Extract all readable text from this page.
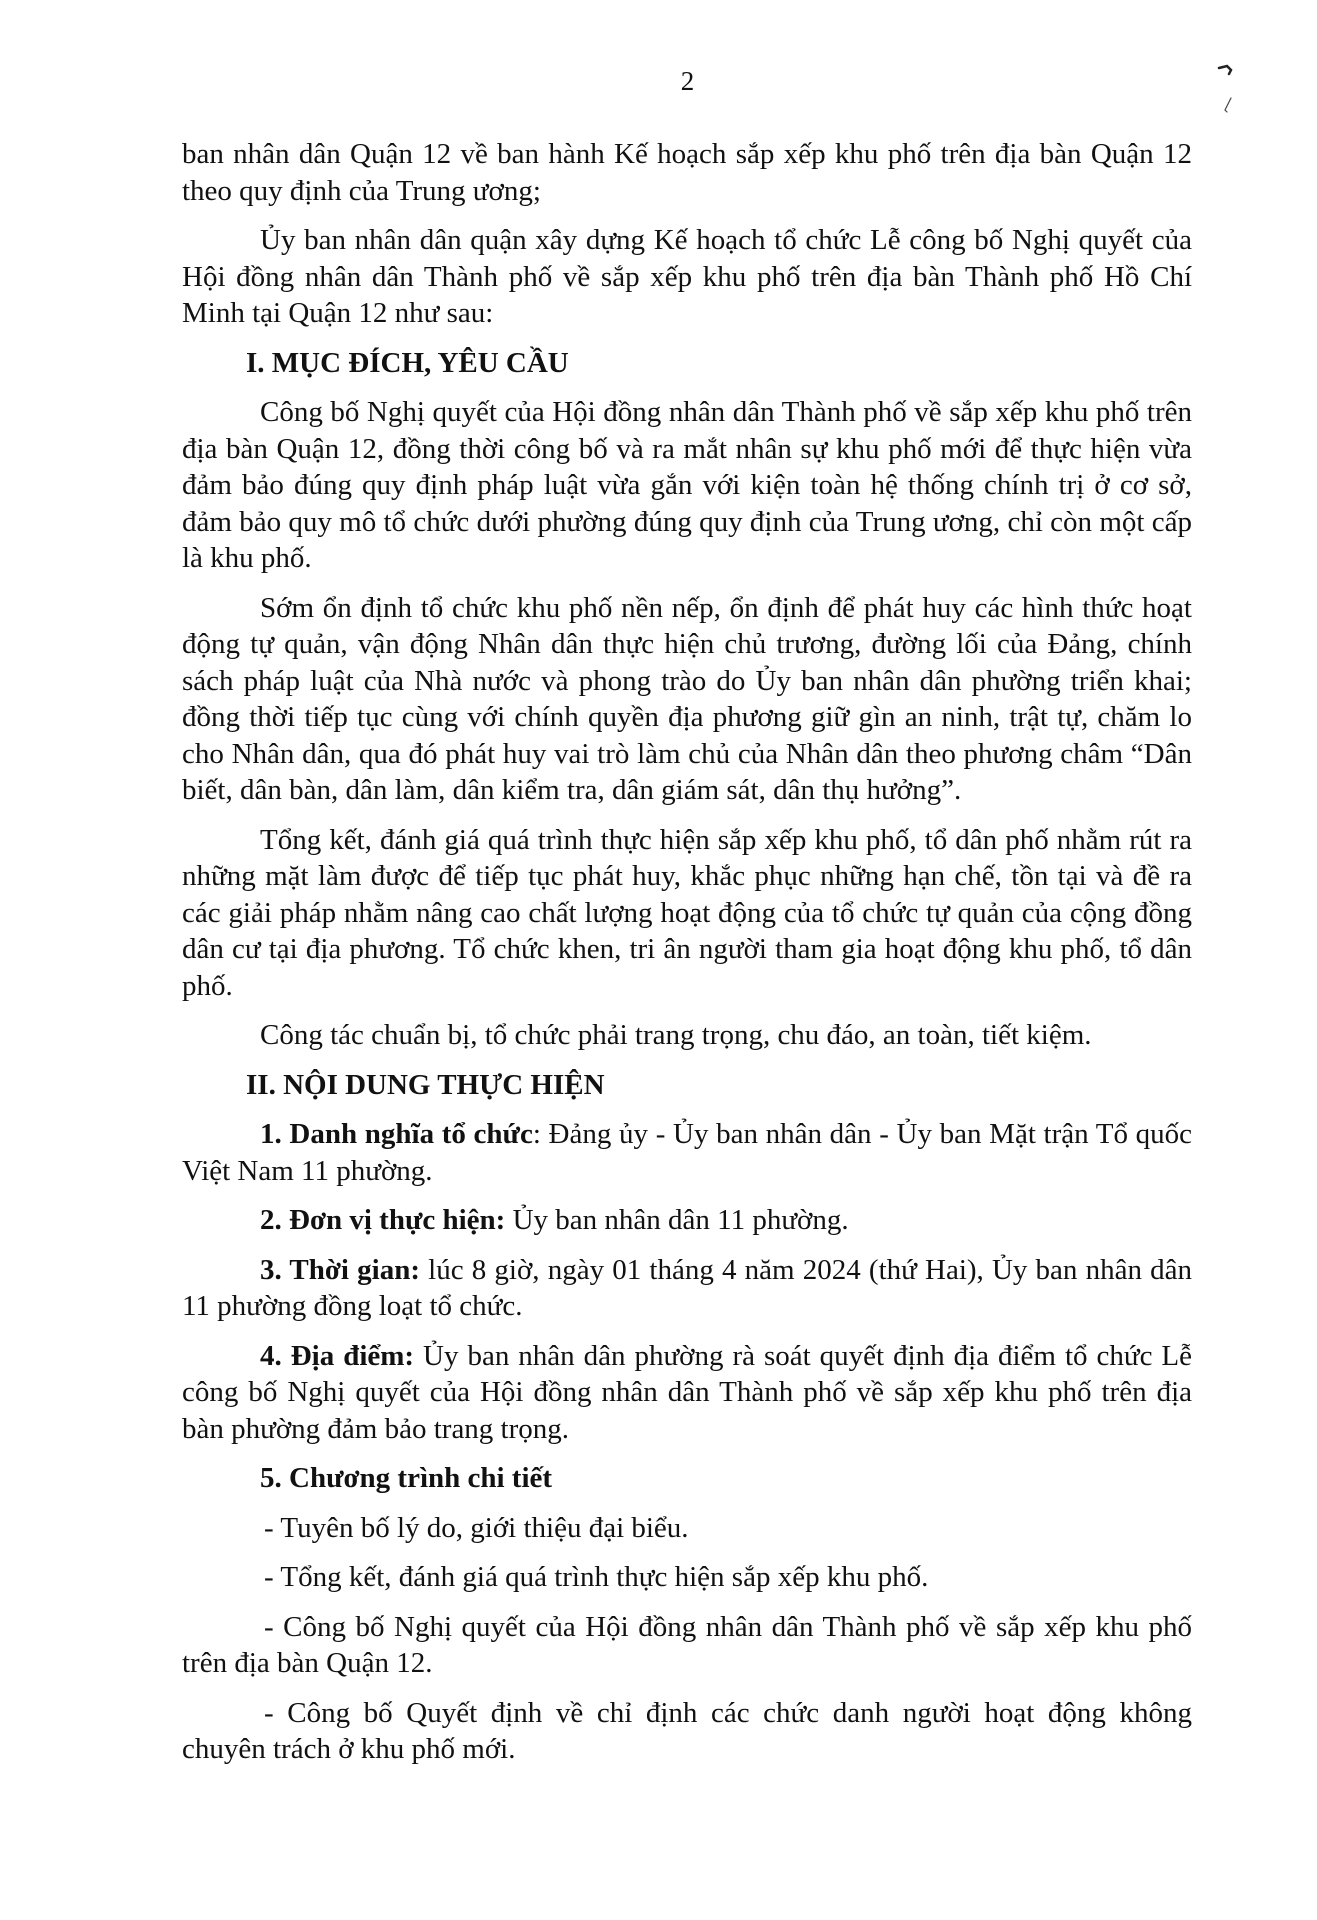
2

ban nhân dân Quận 12 về ban hành Kế hoạch sắp xếp khu phố trên địa bàn Quận 12 theo quy định của Trung ương;

Ủy ban nhân dân quận xây dựng Kế hoạch tổ chức Lễ công bố Nghị quyết của Hội đồng nhân dân Thành phố về sắp xếp khu phố trên địa bàn Thành phố Hồ Chí Minh tại Quận 12 như sau:

I. MỤC ĐÍCH, YÊU CẦU

Công bố Nghị quyết của Hội đồng nhân dân Thành phố về sắp xếp khu phố trên địa bàn Quận 12, đồng thời công bố và ra mắt nhân sự khu phố mới để thực hiện vừa đảm bảo đúng quy định pháp luật vừa gắn với kiện toàn hệ thống chính trị ở cơ sở, đảm bảo quy mô tổ chức dưới phường đúng quy định của Trung ương, chỉ còn một cấp là khu phố.

Sớm ổn định tổ chức khu phố nền nếp, ổn định để phát huy các hình thức hoạt động tự quản, vận động Nhân dân thực hiện chủ trương, đường lối của Đảng, chính sách pháp luật của Nhà nước và phong trào do Ủy ban nhân dân phường triển khai; đồng thời tiếp tục cùng với chính quyền địa phương giữ gìn an ninh, trật tự, chăm lo cho Nhân dân, qua đó phát huy vai trò làm chủ của Nhân dân theo phương châm “Dân biết, dân bàn, dân làm, dân kiểm tra, dân giám sát, dân thụ hưởng”.

Tổng kết, đánh giá quá trình thực hiện sắp xếp khu phố, tổ dân phố nhằm rút ra những mặt làm được để tiếp tục phát huy, khắc phục những hạn chế, tồn tại và đề ra các giải pháp nhằm nâng cao chất lượng hoạt động của tổ chức tự quản của cộng đồng dân cư tại địa phương. Tổ chức khen, tri ân người tham gia hoạt động khu phố, tổ dân phố.

Công tác chuẩn bị, tổ chức phải trang trọng, chu đáo, an toàn, tiết kiệm.

II. NỘI DUNG THỰC HIỆN

1. Danh nghĩa tổ chức: Đảng ủy - Ủy ban nhân dân - Ủy ban Mặt trận Tổ quốc Việt Nam 11 phường.

2. Đơn vị thực hiện: Ủy ban nhân dân 11 phường.

3. Thời gian: lúc 8 giờ, ngày 01 tháng 4 năm 2024 (thứ Hai), Ủy ban nhân dân 11 phường đồng loạt tổ chức.

4. Địa điểm: Ủy ban nhân dân phường rà soát quyết định địa điểm tổ chức Lễ công bố Nghị quyết của Hội đồng nhân dân Thành phố về sắp xếp khu phố trên địa bàn phường đảm bảo trang trọng.

5. Chương trình chi tiết

- Tuyên bố lý do, giới thiệu đại biểu.

- Tổng kết, đánh giá quá trình thực hiện sắp xếp khu phố.

- Công bố Nghị quyết của Hội đồng nhân dân Thành phố về sắp xếp khu phố trên địa bàn Quận 12.

- Công bố Quyết định về chỉ định các chức danh người hoạt động không chuyên trách ở khu phố mới.
